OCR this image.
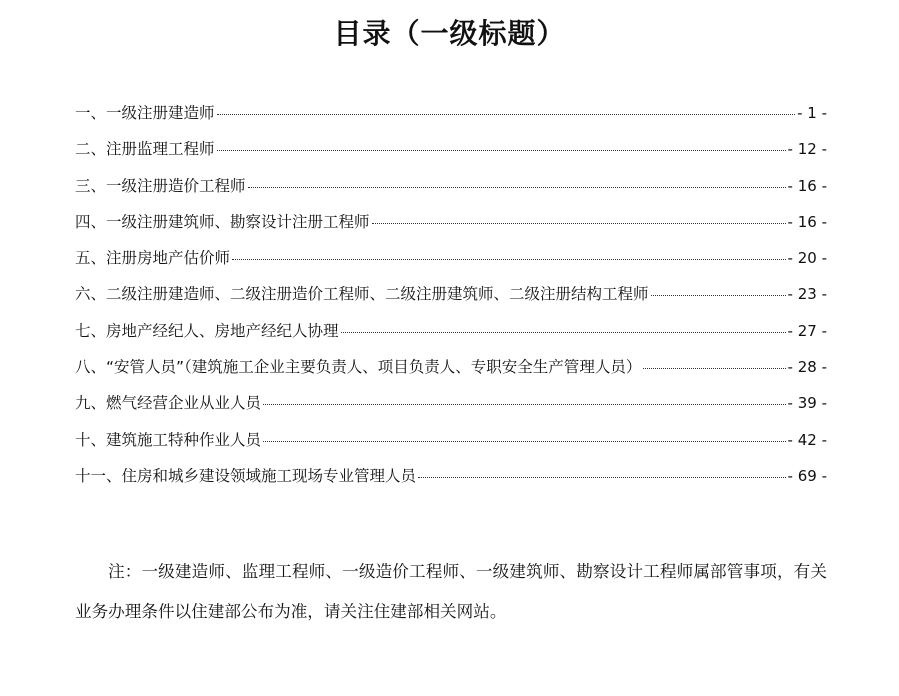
目录（一级标题）
一、一级注册建造师	- 1 -
二、注册监理工程师	- 12 -
三、一级注册造价工程师	- 16 -
四、一级注册建筑师、勘察设计注册工程师	- 16 -
五、注册房地产估价师	- 20 -
六、二级注册建造师、二级注册造价工程师、二级注册建筑师、二级注册结构工程师	- 23 -
七、房地产经纪人、房地产经纪人协理	- 27 -
八、“安管人员”（建筑施工企业主要负责人、项目负责人、专职安全生产管理人员）	- 28 -
九、燃气经营企业从业人员	- 39 -
十、建筑施工特种作业人员	- 42 -
十一、住房和城乡建设领域施工现场专业管理人员	- 69 -

注：一级建造师、监理工程师、一级造价工程师、一级建筑师、勘察设计工程师属部管事项，有关业务办理条件以住建部公布为准，请关注住建部相关网站。
